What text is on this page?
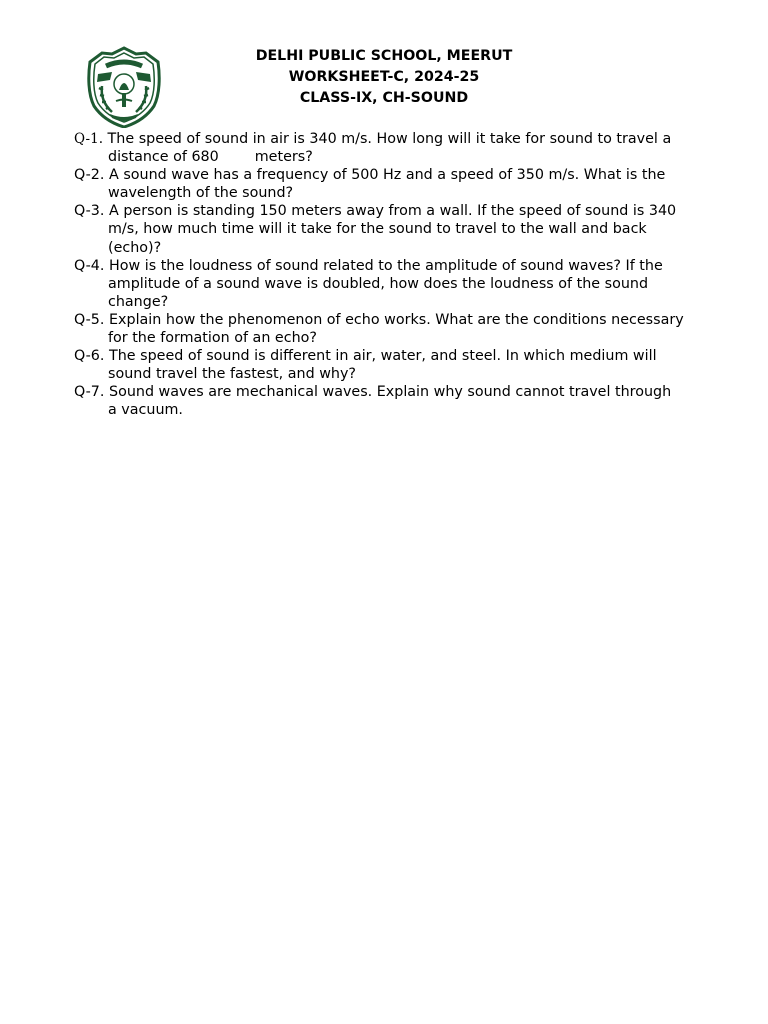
DELHI PUBLIC SCHOOL, MEERUT
WORKSHEET-C, 2024-25
CLASS-IX, CH-SOUND
Q-1. The speed of sound in air is 340 m/s. How long will it take for sound to travel a distance of 680	meters?
Q-2. A sound wave has a frequency of 500 Hz and a speed of 350 m/s. What is the wavelength of the sound?
Q-3. A person is standing 150 meters away from a wall. If the speed of sound is 340 m/s, how much time will it take for the sound to travel to the wall and back (echo)?
Q-4. How is the loudness of sound related to the amplitude of sound waves? If the amplitude of a sound wave is doubled, how does the loudness of the sound change?
Q-5. Explain how the phenomenon of echo works. What are the conditions necessary for the formation of an echo?
Q-6. The speed of sound is different in air, water, and steel. In which medium will sound travel the fastest, and why?
Q-7. Sound waves are mechanical waves. Explain why sound cannot travel through a vacuum.
